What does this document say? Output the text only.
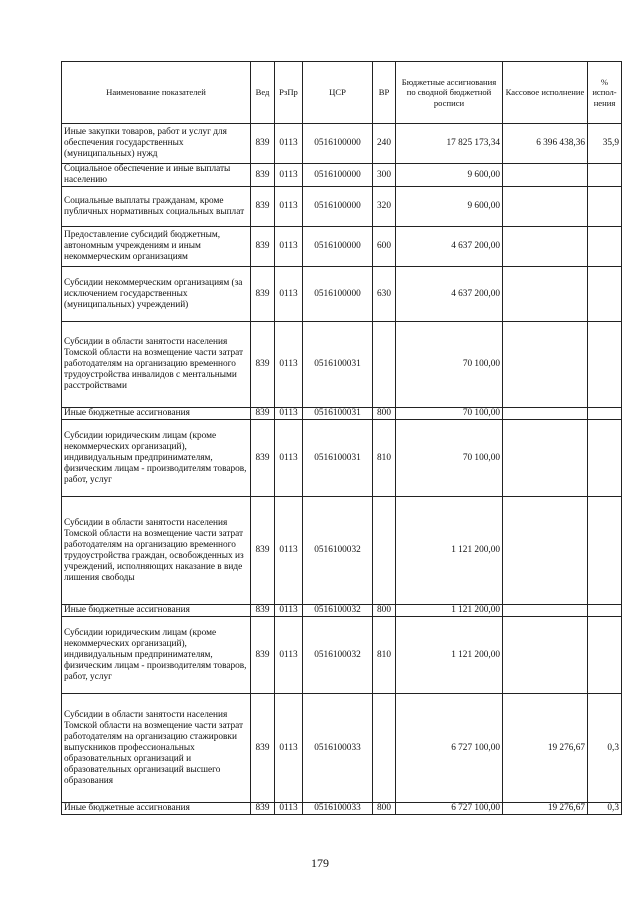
Наименование показателей	Вед	РзПр	ЦСР	ВР	Бюджетные ассигнования по сводной бюджетной росписи	Кассовое исполнение	% испол-нения
Иные закупки товаров, работ и услуг для обеспечения государственных (муниципальных) нужд	839	0113	0516100000	240	17 825 173,34	6 396 438,36	35,9
Социальное обеспечение и иные выплаты населению	839	0113	0516100000	300	9 600,00		
Социальные выплаты гражданам, кроме публичных нормативных социальных выплат	839	0113	0516100000	320	9 600,00		
Предоставление субсидий бюджетным, автономным учреждениям и иным некоммерческим организациям	839	0113	0516100000	600	4 637 200,00		
Субсидии некоммерческим организациям (за исключением государственных (муниципальных) учреждений)	839	0113	0516100000	630	4 637 200,00		
Субсидии в области занятости населения Томской области на возмещение части затрат работодателям на организацию временного трудоустройства инвалидов с ментальными расстройствами	839	0113	0516100031		70 100,00		
Иные бюджетные ассигнования	839	0113	0516100031	800	70 100,00		
Субсидии юридическим лицам (кроме некоммерческих организаций), индивидуальным предпринимателям, физическим лицам - производителям товаров, работ, услуг	839	0113	0516100031	810	70 100,00		
Субсидии в области занятости населения Томской области на возмещение части затрат работодателям на организацию временного трудоустройства граждан, освобожденных из учреждений, исполняющих наказание в виде лишения свободы	839	0113	0516100032		1 121 200,00		
Иные бюджетные ассигнования	839	0113	0516100032	800	1 121 200,00		
Субсидии юридическим лицам (кроме некоммерческих организаций), индивидуальным предпринимателям, физическим лицам - производителям товаров, работ, услуг	839	0113	0516100032	810	1 121 200,00		
Субсидии в области занятости населения Томской области на возмещение части затрат работодателям на организацию стажировки выпускников профессиональных образовательных организаций и образовательных организаций высшего образования	839	0113	0516100033		6 727 100,00	19 276,67	0,3
Иные бюджетные ассигнования	839	0113	0516100033	800	6 727 100,00	19 276,67	0,3
179
